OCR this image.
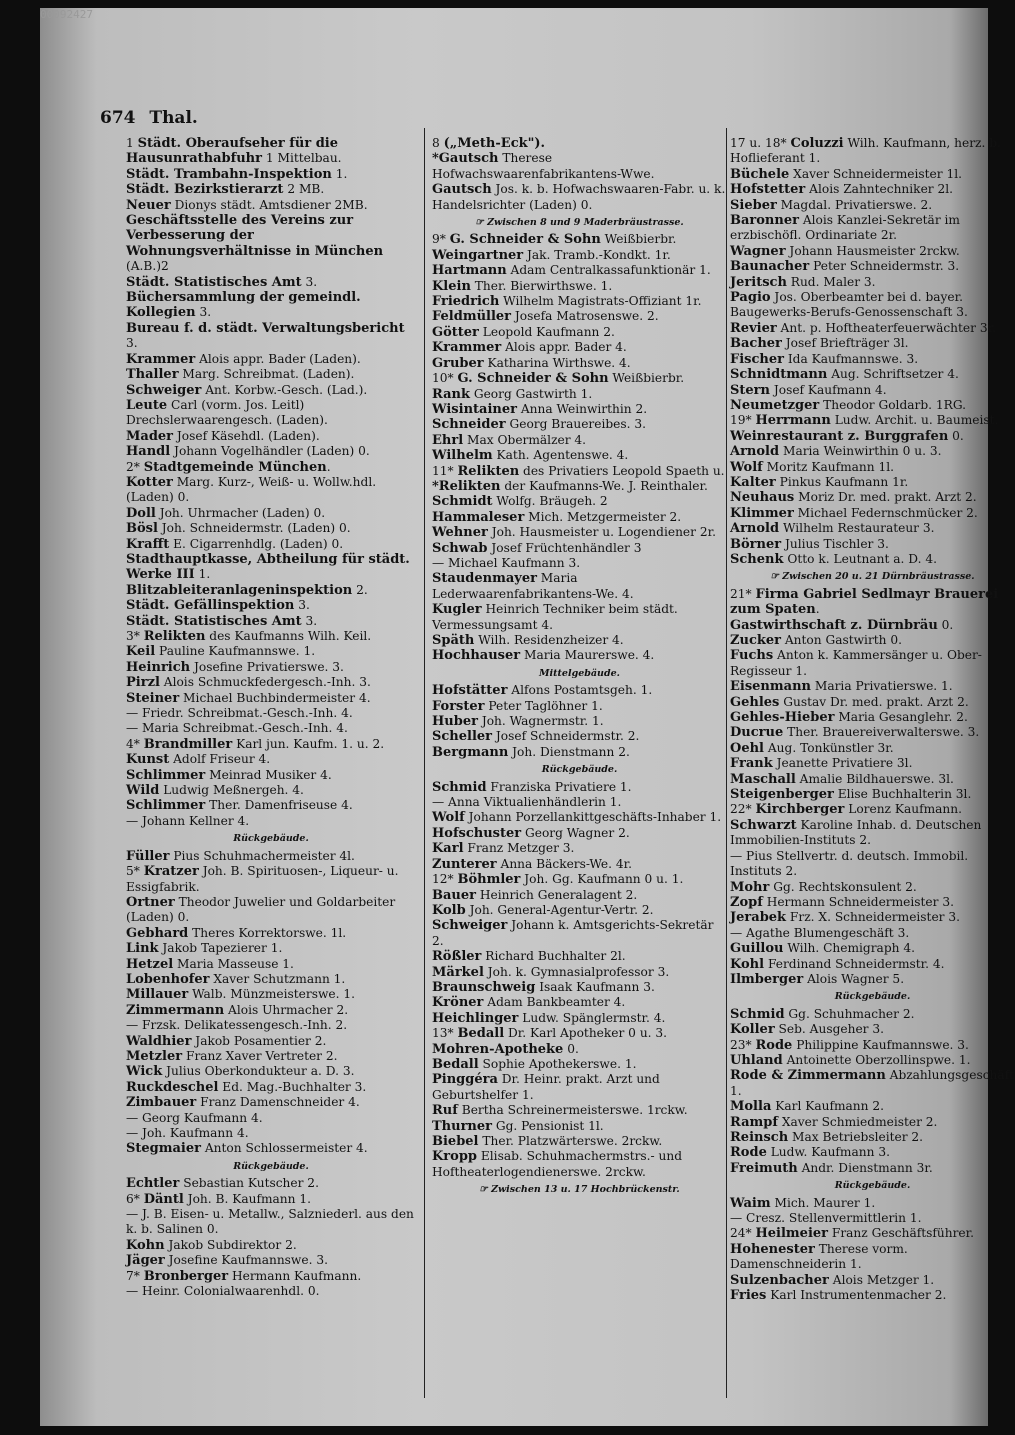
00092427
674 Thal.

1 Städt. Oberaufseher für die Hausunrathabfuhr 1 Mittelbau.

Städt. Trambahn-Inspektion 1.

Städt. Bezirkstierarzt 2 MB.

Neuer Dionys städt. Amtsdiener 2MB.

Geschäftsstelle des Vereins zur Verbesserung der Wohnungsverhältnisse in München (A.B.)2

Städt. Statistisches Amt 3.

Büchersammlung der gemeindl. Kollegien 3.

Bureau f. d. städt. Verwaltungsbericht 3.

Krammer Alois appr. Bader (Laden).

Thaller Marg. Schreibmat. (Laden).

Schweiger Ant. Korbw.-Gesch. (Lad.).

Leute Carl (vorm. Jos. Leitl) Drechslerwaarengesch. (Laden).

Mader Josef Käsehdl. (Laden).

Handl Johann Vogelhändler (Laden) 0.

2* Stadtgemeinde München.

Kotter Marg. Kurz-, Weiß- u. Wollw.hdl. (Laden) 0.

Doll Joh. Uhrmacher (Laden) 0.

Bösl Joh. Schneidermstr. (Laden) 0.

Krafft E. Cigarrenhdlg. (Laden) 0.

Stadthauptkasse, Abtheilung für städt. Werke III 1.

Blitzableiteranlageninspektion 2.

Städt. Gefällinspektion 3.

Städt. Statistisches Amt 3.

3* Relikten des Kaufmanns Wilh. Keil.

Keil Pauline Kaufmannswe. 1.

Heinrich Josefine Privatierswe. 3.

Pirzl Alois Schmuckfedergesch.-Inh. 3.

Steiner Michael Buchbindermeister 4.

— Friedr. Schreibmat.-Gesch.-Inh. 4.

— Maria Schreibmat.-Gesch.-Inh. 4.

4* Brandmiller Karl jun. Kaufm. 1. u. 2.

Kunst Adolf Friseur 4.

Schlimmer Meinrad Musiker 4.

Wild Ludwig Meßnergeh. 4.

Schlimmer Ther. Damenfriseuse 4.

— Johann Kellner 4.

Rückgebäude.

Füller Pius Schuhmachermeister 4l.

5* Kratzer Joh. B. Spirituosen-, Liqueur- u. Essigfabrik.

Ortner Theodor Juwelier und Goldarbeiter (Laden) 0.

Gebhard Theres Korrektorswe. 1l.

Link Jakob Tapezierer 1.

Hetzel Maria Masseuse 1.

Lobenhofer Xaver Schutzmann 1.

Millauer Walb. Münzmeisterswe. 1.

Zimmermann Alois Uhrmacher 2.

— Frzsk. Delikatessengesch.-Inh. 2.

Waldhier Jakob Posamentier 2.

Metzler Franz Xaver Vertreter 2.

Wick Julius Oberkondukteur a. D. 3.

Ruckdeschel Ed. Mag.-Buchhalter 3.

Zimbauer Franz Damenschneider 4.

— Georg Kaufmann 4.

— Joh. Kaufmann 4.

Stegmaier Anton Schlossermeister 4.

Rückgebäude.

Echtler Sebastian Kutscher 2.

6* Däntl Joh. B. Kaufmann 1.

— J. B. Eisen- u. Metallw., Salzniederl. aus den k. b. Salinen 0.

Kohn Jakob Subdirektor 2.

Jäger Josefine Kaufmannswe. 3.

7* Bronberger Hermann Kaufmann.

— Heinr. Colonialwaarenhdl. 0.

8 („Meth-Eck").

*Gautsch Therese Hofwachswaarenfabrikantens-Wwe.

Gautsch Jos. k. b. Hofwachswaaren-Fabr. u. k. Handelsrichter (Laden) 0.

☞ Zwischen 8 und 9 Maderbräustrasse.

9* G. Schneider & Sohn Weißbierbr.

Weingartner Jak. Tramb.-Kondkt. 1r.

Hartmann Adam Centralkassafunktionär 1.

Klein Ther. Bierwirthswe. 1.

Friedrich Wilhelm Magistrats-Offiziant 1r.

Feldmüller Josefa Matrosenswe. 2.

Götter Leopold Kaufmann 2.

Krammer Alois appr. Bader 4.

Gruber Katharina Wirthswe. 4.

10* G. Schneider & Sohn Weißbierbr.

Rank Georg Gastwirth 1.

Wisintainer Anna Weinwirthin 2.

Schneider Georg Brauereibes. 3.

Ehrl Max Obermälzer 4.

Wilhelm Kath. Agentenswe. 4.

11* Relikten des Privatiers Leopold Spaeth u.

*Relikten der Kaufmanns-We. J. Reinthaler.

Schmidt Wolfg. Bräugeh. 2

Hammaleser Mich. Metzgermeister 2.

Wehner Joh. Hausmeister u. Logendiener 2r.

Schwab Josef Früchtenhändler 3

— Michael Kaufmann 3.

Staudenmayer Maria Lederwaarenfabrikantens-We. 4.

Kugler Heinrich Techniker beim städt. Vermessungsamt 4.

Späth Wilh. Residenzheizer 4.

Hochhauser Maria Maurerswe. 4.

Mittelgebäude.

Hofstätter Alfons Postamtsgeh. 1.

Forster Peter Taglöhner 1.

Huber Joh. Wagnermstr. 1.

Scheller Josef Schneidermstr. 2.

Bergmann Joh. Dienstmann 2.

Rückgebäude.

Schmid Franziska Privatiere 1.

— Anna Viktualienhändlerin 1.

Wolf Johann Porzellankittgeschäfts-Inhaber 1.

Hofschuster Georg Wagner 2.

Karl Franz Metzger 3.

Zunterer Anna Bäckers-We. 4r.

12* Böhmler Joh. Gg. Kaufmann 0 u. 1.

Bauer Heinrich Generalagent 2.

Kolb Joh. General-Agentur-Vertr. 2.

Schweiger Johann k. Amtsgerichts-Sekretär 2.

Rößler Richard Buchhalter 2l.

Märkel Joh. k. Gymnasialprofessor 3.

Braunschweig Isaak Kaufmann 3.

Kröner Adam Bankbeamter 4.

Heichlinger Ludw. Spänglermstr. 4.

13* Bedall Dr. Karl Apotheker 0 u. 3.

Mohren-Apotheke 0.

Bedall Sophie Apothekerswe. 1.

Pinggéra Dr. Heinr. prakt. Arzt und Geburtshelfer 1.

Ruf Bertha Schreinermeisterswe. 1rckw.

Thurner Gg. Pensionist 1l.

Biebel Ther. Platzwärterswe. 2rckw.

Kropp Elisab. Schuhmachermstrs.- und Hoftheaterlogendienerswe. 2rckw.

☞ Zwischen 13 u. 17 Hochbrückenstr.

17 u. 18* Coluzzi Wilh. Kaufmann, herz. b. Hoflieferant 1.

Büchele Xaver Schneidermeister 1l.

Hofstetter Alois Zahntechniker 2l.

Sieber Magdal. Privatierswe. 2.

Baronner Alois Kanzlei-Sekretär im erzbischöfl. Ordinariate 2r.

Wagner Johann Hausmeister 2rckw.

Baunacher Peter Schneidermstr. 3.

Jeritsch Rud. Maler 3.

Pagio Jos. Oberbeamter bei d. bayer. Baugewerks-Berufs-Genossenschaft 3.

Revier Ant. p. Hoftheaterfeuerwächter 3r.

Bacher Josef Briefträger 3l.

Fischer Ida Kaufmannswe. 3.

Schnidtmann Aug. Schriftsetzer 4.

Stern Josef Kaufmann 4.

Neumetzger Theodor Goldarb. 1RG.

19* Herrmann Ludw. Archit. u. Baumeist.

Weinrestaurant z. Burggrafen 0.

Arnold Maria Weinwirthin 0 u. 3.

Wolf Moritz Kaufmann 1l.

Kalter Pinkus Kaufmann 1r.

Neuhaus Moriz Dr. med. prakt. Arzt 2.

Klimmer Michael Federnschmücker 2.

Arnold Wilhelm Restaurateur 3.

Börner Julius Tischler 3.

Schenk Otto k. Leutnant a. D. 4.

☞ Zwischen 20 u. 21 Dürnbräustrasse.

21* Firma Gabriel Sedlmayr Brauerei zum Spaten.

Gastwirthschaft z. Dürnbräu 0.

Zucker Anton Gastwirth 0.

Fuchs Anton k. Kammersänger u. Ober-Regisseur 1.

Eisenmann Maria Privatierswe. 1.

Gehles Gustav Dr. med. prakt. Arzt 2.

Gehles-Hieber Maria Gesanglehr. 2.

Ducrue Ther. Brauereiverwalterswe. 3.

Oehl Aug. Tonkünstler 3r.

Frank Jeanette Privatiere 3l.

Maschall Amalie Bildhauerswe. 3l.

Steigenberger Elise Buchhalterin 3l.

22* Kirchberger Lorenz Kaufmann.

Schwarzt Karoline Inhab. d. Deutschen Immobilien-Instituts 2.

— Pius Stellvertr. d. deutsch. Immobil. Instituts 2.

Mohr Gg. Rechtskonsulent 2.

Zopf Hermann Schneidermeister 3.

Jerabek Frz. X. Schneidermeister 3.

— Agathe Blumengeschäft 3.

Guillou Wilh. Chemigraph 4.

Kohl Ferdinand Schneidermstr. 4.

Ilmberger Alois Wagner 5.

Rückgebäude.

Schmid Gg. Schuhmacher 2.

Koller Seb. Ausgeher 3.

23* Rode Philippine Kaufmannswe. 3.

Uhland Antoinette Oberzollinspwe. 1.

Rode & Zimmermann Abzahlungsgeschäft 1.

Molla Karl Kaufmann 2.

Rampf Xaver Schmiedmeister 2.

Reinsch Max Betriebsleiter 2.

Rode Ludw. Kaufmann 3.

Freimuth Andr. Dienstmann 3r.

Rückgebäude.

Waim Mich. Maurer 1.

— Cresz. Stellenvermittlerin 1.

24* Heilmeier Franz Geschäftsführer.

Hohenester Therese vorm. Damenschneiderin 1.

Sulzenbacher Alois Metzger 1.

Fries Karl Instrumentenmacher 2.
